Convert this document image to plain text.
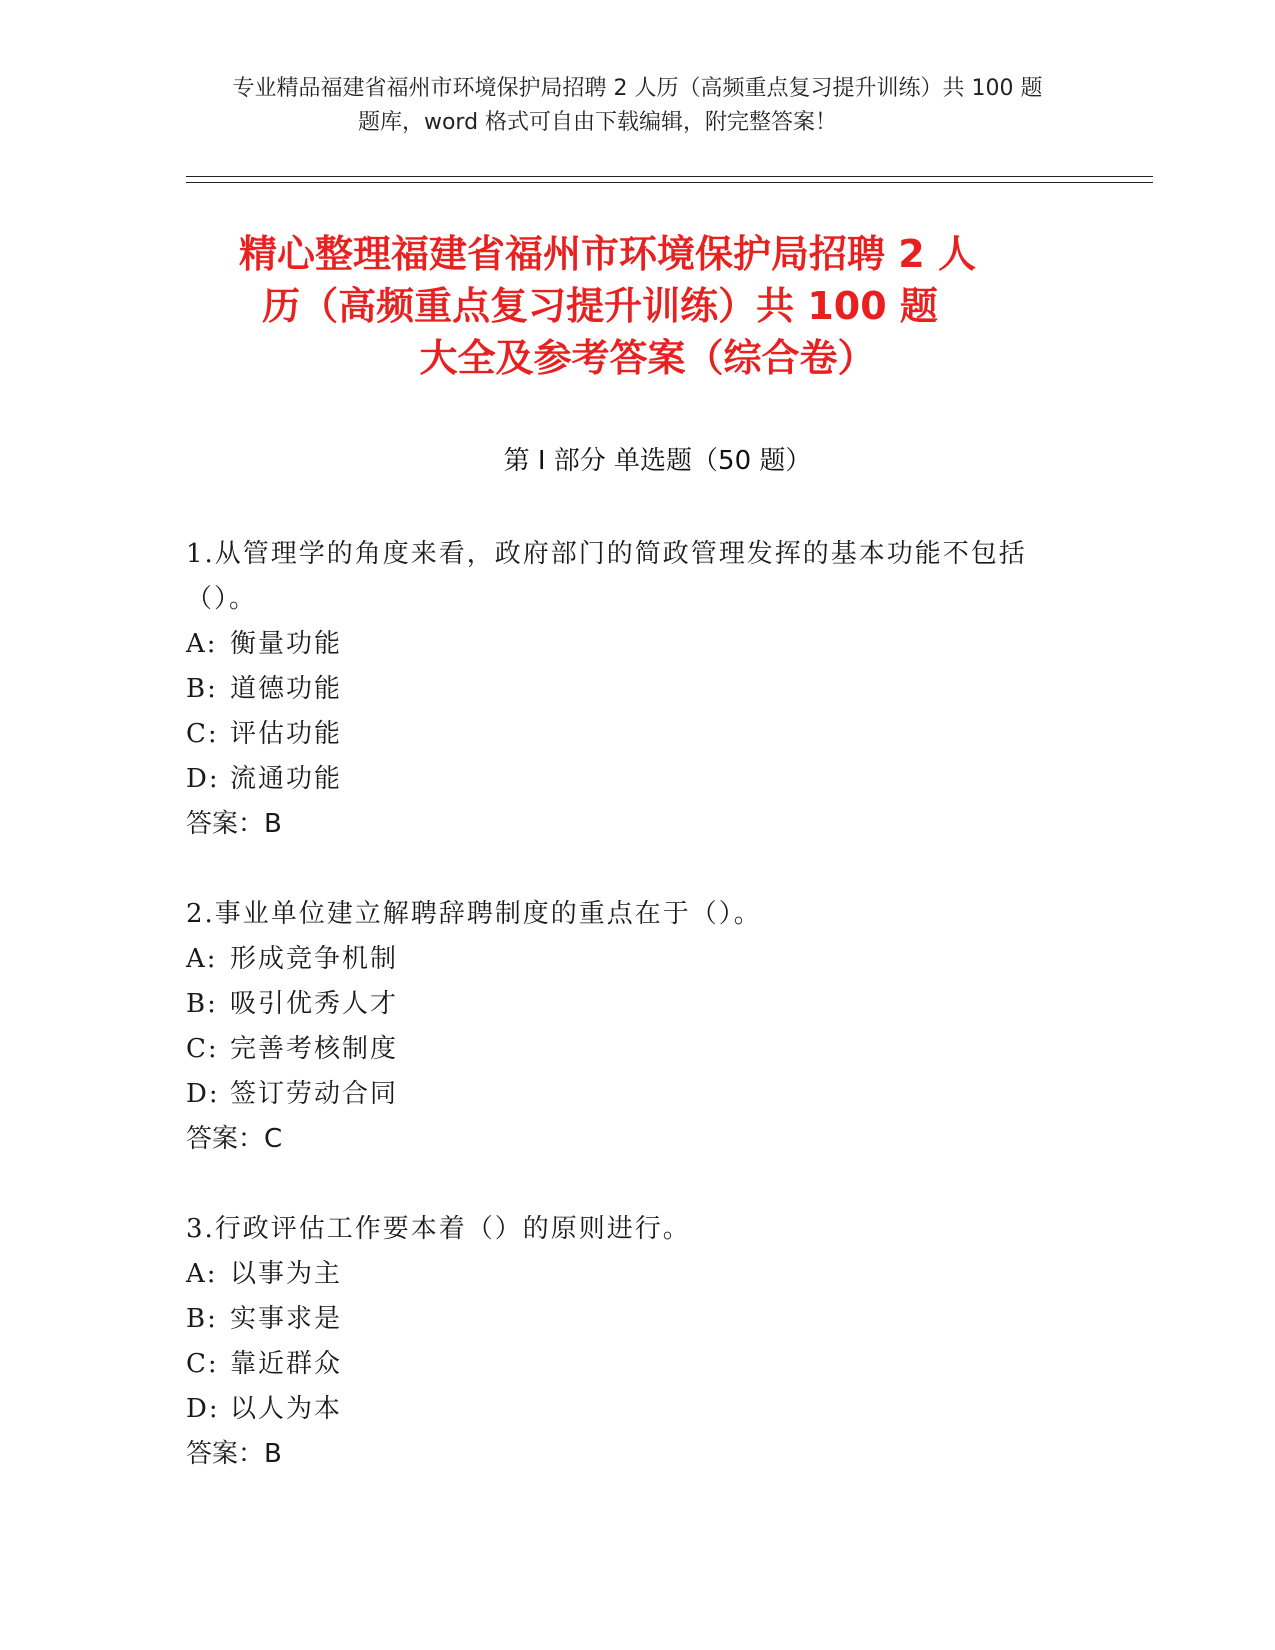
专业精品福建省福州市环境保护局招聘 2 人历（高频重点复习提升训练）共 100 题
题库，word 格式可自由下载编辑，附完整答案！
精心整理福建省福州市环境保护局招聘 2 人
历（高频重点复习提升训练）共 100 题
大全及参考答案（综合卷）
第 I 部分 单选题（50 题）
1.从管理学的角度来看，政府部门的简政管理发挥的基本功能不包括（）。
A: 衡量功能
B: 道德功能
C: 评估功能
D: 流通功能
答案：B
2.事业单位建立解聘辞聘制度的重点在于（）。
A: 形成竞争机制
B: 吸引优秀人才
C: 完善考核制度
D: 签订劳动合同
答案：C
3.行政评估工作要本着（）的原则进行。
A: 以事为主
B: 实事求是
C: 靠近群众
D: 以人为本
答案：B
